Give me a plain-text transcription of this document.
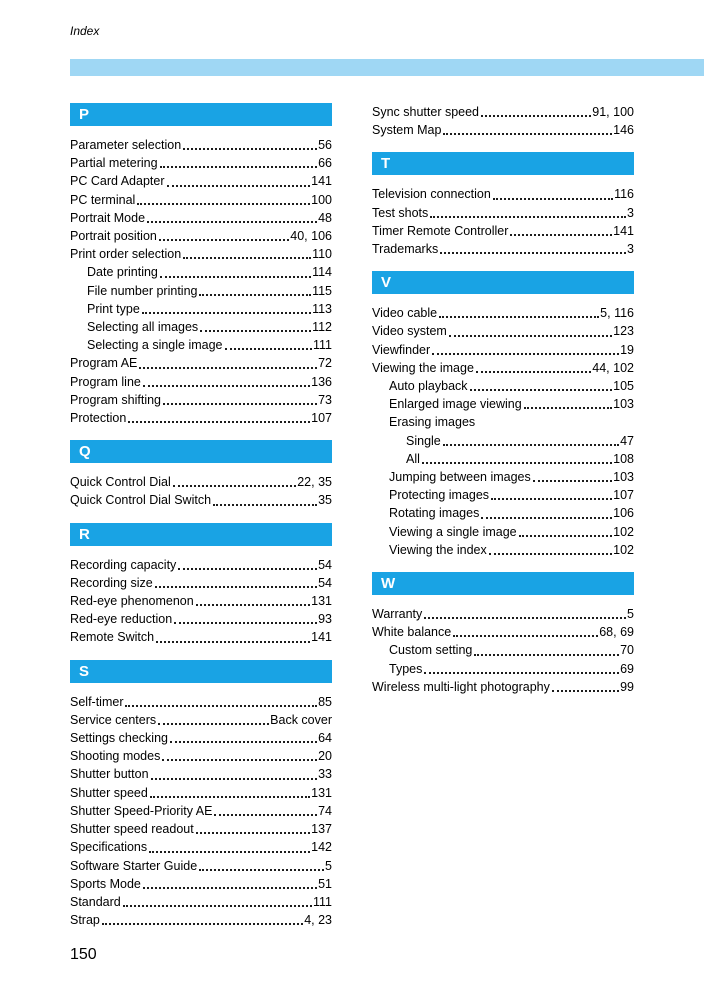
Index
P
Parameter selection	56
Partial metering	66
PC Card Adapter	141
PC terminal	100
Portrait Mode	48
Portrait position	40, 106
Print order selection	110
Date printing	114
File number printing	115
Print type	113
Selecting all images	112
Selecting a single image	111
Program AE	72
Program line	136
Program shifting	73
Protection	107
Q
Quick Control Dial	22, 35
Quick Control Dial Switch	35
R
Recording capacity	54
Recording size	54
Red-eye phenomenon	131
Red-eye reduction	93
Remote Switch	141
S
Self-timer	85
Service centers	Back cover
Settings checking	64
Shooting modes	20
Shutter button	33
Shutter speed	131
Shutter Speed-Priority AE	74
Shutter speed readout	137
Specifications	142
Software Starter Guide	5
Sports Mode	51
Standard	111
Strap	4, 23
Sync shutter speed	91, 100
System Map	146
T
Television connection	116
Test shots	3
Timer Remote Controller	141
Trademarks	3
V
Video cable	5, 116
Video system	123
Viewfinder	19
Viewing the image	44, 102
Auto playback	105
Enlarged image viewing	103
Erasing images
Single	47
All	108
Jumping between images	103
Protecting images	107
Rotating images	106
Viewing a single image	102
Viewing the index	102
W
Warranty	5
White balance	68, 69
Custom setting	70
Types	69
Wireless multi-light photography	99
150
